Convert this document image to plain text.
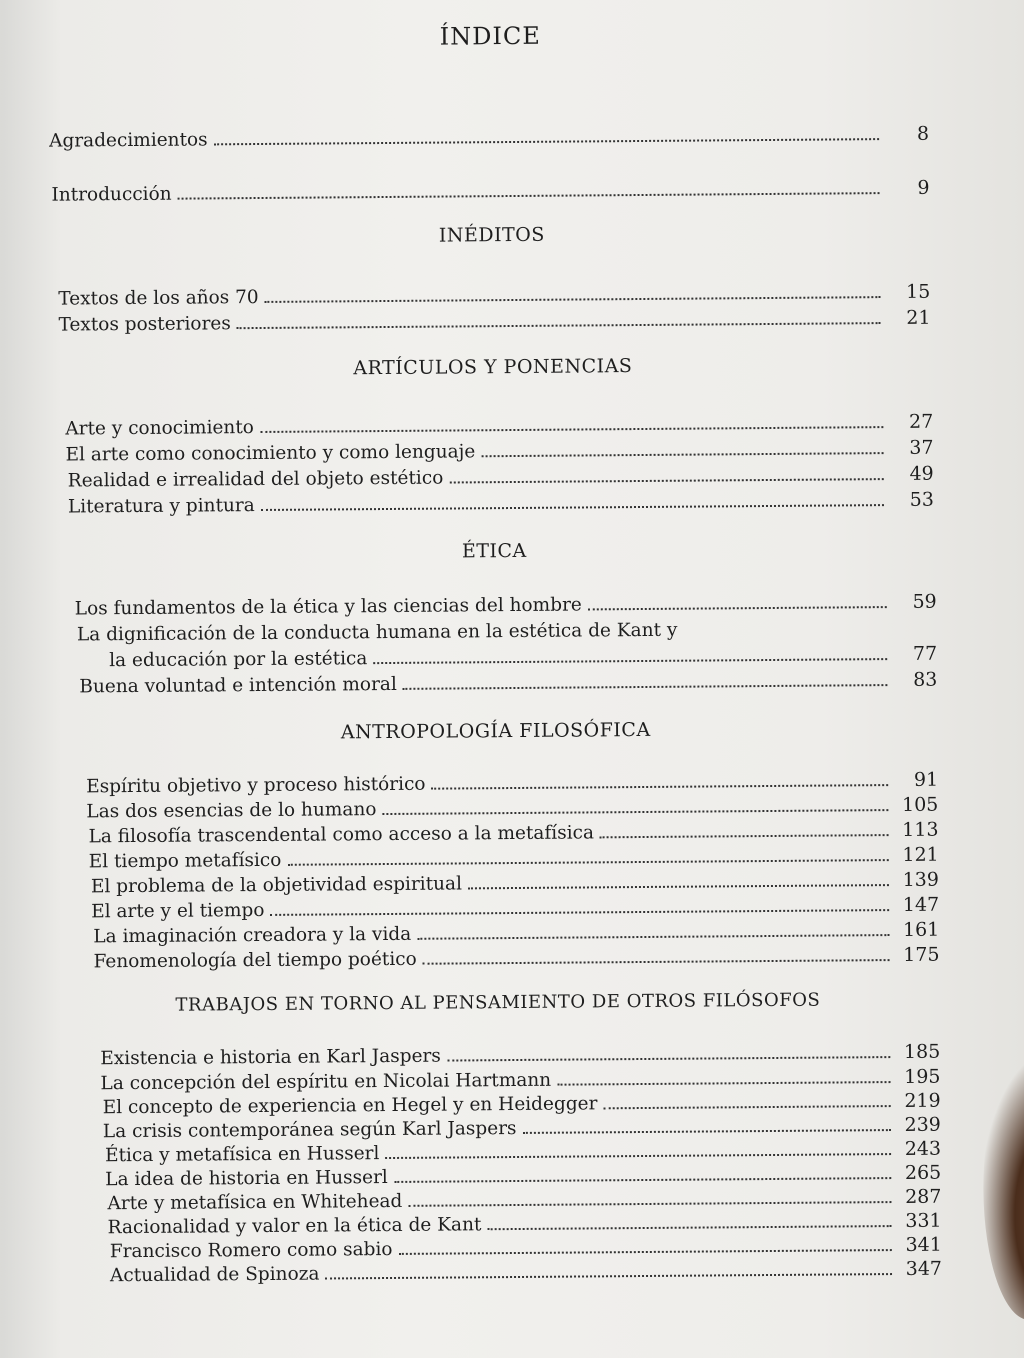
ÍNDICE
Agradecimientos	8
Introducción	9
INÉDITOS
Textos de los años 70	15
Textos posteriores	21
ARTÍCULOS Y PONENCIAS
Arte y conocimiento	27
El arte como conocimiento y como lenguaje	37
Realidad e irrealidad del objeto estético	49
Literatura y pintura	53
ÉTICA
Los fundamentos de la ética y las ciencias del hombre	59
La dignificación de la conducta humana en la estética de Kant y
la educación por la estética	77
Buena voluntad e intención moral	83
ANTROPOLOGÍA FILOSÓFICA
Espíritu objetivo y proceso histórico	91
Las dos esencias de lo humano	105
La filosofía trascendental como acceso a la metafísica	113
El tiempo metafísico	121
El problema de la objetividad espiritual	139
El arte y el tiempo	147
La imaginación creadora y la vida	161
Fenomenología del tiempo poético	175
TRABAJOS EN TORNO AL PENSAMIENTO DE OTROS FILÓSOFOS
Existencia e historia en Karl Jaspers	185
La concepción del espíritu en Nicolai Hartmann	195
El concepto de experiencia en Hegel y en Heidegger	219
La crisis contemporánea según Karl Jaspers	239
Ética y metafísica en Husserl	243
La idea de historia en Husserl	265
Arte y metafísica en Whitehead	287
Racionalidad y valor en la ética de Kant	331
Francisco Romero como sabio	341
Actualidad de Spinoza	347
